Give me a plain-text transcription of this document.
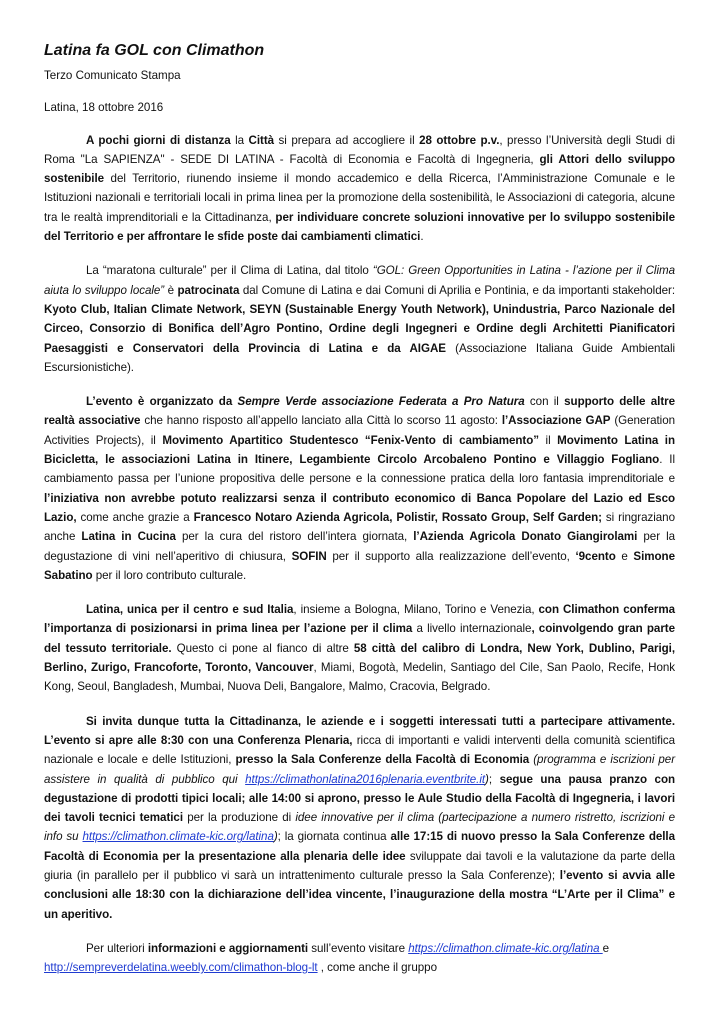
Latina fa GOL con Climathon
Terzo Comunicato Stampa
Latina, 18 ottobre 2016

A pochi giorni di distanza la Città si prepara ad accogliere il 28 ottobre p.v., presso l’Università degli Studi di Roma "La SAPIENZA" - SEDE DI LATINA - Facoltà di Economia e Facoltà di Ingegneria, gli Attori dello sviluppo sostenibile del Territorio, riunendo insieme il mondo accademico e della Ricerca, l’Amministrazione Comunale e le Istituzioni nazionali e territoriali locali in prima linea per la promozione della sostenibilità, le Associazioni di categoria, alcune tra le realtà imprenditoriali e la Cittadinanza, per individuare concrete soluzioni innovative per lo sviluppo sostenibile del Territorio e per affrontare le sfide poste dai cambiamenti climatici.

La “maratona culturale” per il Clima di Latina, dal titolo “GOL: Green Opportunities in Latina - l’azione per il Clima aiuta lo sviluppo locale” è patrocinata dal Comune di Latina e dai Comuni di Aprilia e Pontinia, e da importanti stakeholder: Kyoto Club, Italian Climate Network, SEYN (Sustainable Energy Youth Network), Unindustria, Parco Nazionale del Circeo, Consorzio di Bonifica dell’Agro Pontino, Ordine degli Ingegneri e Ordine degli Architetti Pianificatori Paesaggisti e Conservatori della Provincia di Latina e da AIGAE (Associazione Italiana Guide Ambientali Escursionistiche).

L’evento è organizzato da Sempre Verde associazione Federata a Pro Natura con il supporto delle altre realtà associative che hanno risposto all’appello lanciato alla Città lo scorso 11 agosto: l’Associazione GAP (Generation Activities Projects), il Movimento Apartitico Studentesco “Fenix-Vento di cambiamento” il Movimento Latina in Bicicletta, le associazioni Latina in Itinere, Legambiente Circolo Arcobaleno Pontino e Villaggio Fogliano. Il cambiamento passa per l’unione propositiva delle persone e la connessione pratica della loro fantasia imprenditoriale e l’iniziativa non avrebbe potuto realizzarsi senza il contributo economico di Banca Popolare del Lazio ed Esco Lazio, come anche grazie a Francesco Notaro Azienda Agricola, Polistir, Rossato Group, Self Garden; si ringraziano anche Latina in Cucina per la cura del ristoro dell’intera giornata, l’Azienda Agricola Donato Giangirolami per la degustazione di vini nell’aperitivo di chiusura, SOFIN per il supporto alla realizzazione dell’evento, ‘9cento e Simone Sabatino per il loro contributo culturale.

Latina, unica per il centro e sud Italia, insieme a Bologna, Milano, Torino e Venezia, con Climathon conferma l’importanza di posizionarsi in prima linea per l’azione per il clima a livello internazionale, coinvolgendo gran parte del tessuto territoriale. Questo ci pone al fianco di altre 58 città del calibro di Londra, New York, Dublino, Parigi, Berlino, Zurigo, Francoforte, Toronto, Vancouver, Miami, Bogotà, Medelin, Santiago del Cile, San Paolo, Recife, Honk Kong, Seoul, Bangladesh, Mumbai, Nuova Deli, Bangalore, Malmo, Cracovia, Belgrado.

Si invita dunque tutta la Cittadinanza, le aziende e i soggetti interessati tutti a partecipare attivamente. L’evento si apre alle 8:30 con una Conferenza Plenaria, ricca di importanti e validi interventi della comunità scientifica nazionale e locale e delle Istituzioni, presso la Sala Conferenze della Facoltà di Economia (programma e iscrizioni per assistere in qualità di pubblico qui https://climathonlatina2016plenaria.eventbrite.it); segue una pausa pranzo con degustazione di prodotti tipici locali; alle 14:00 si aprono, presso le Aule Studio della Facoltà di Ingegneria, i lavori dei tavoli tecnici tematici per la produzione di idee innovative per il clima (partecipazione a numero ristretto, iscrizioni e info su https://climathon.climate-kic.org/latina); la giornata continua alle 17:15 di nuovo presso la Sala Conferenze della Facoltà di Economia per la presentazione alla plenaria delle idee sviluppate dai tavoli e la valutazione da parte della giuria (in parallelo per il pubblico vi sarà un intrattenimento culturale presso la Sala Conferenze); l’evento si avvia alle conclusioni alle 18:30 con la dichiarazione dell’idea vincente, l’inaugurazione della mostra “L’Arte per il Clima” e un aperitivo.

Per ulteriori informazioni e aggiornamenti sull’evento visitare https://climathon.climate-kic.org/latina e http://sempreverdelatina.weebly.com/climathon-blog-lt , come anche il gruppo
